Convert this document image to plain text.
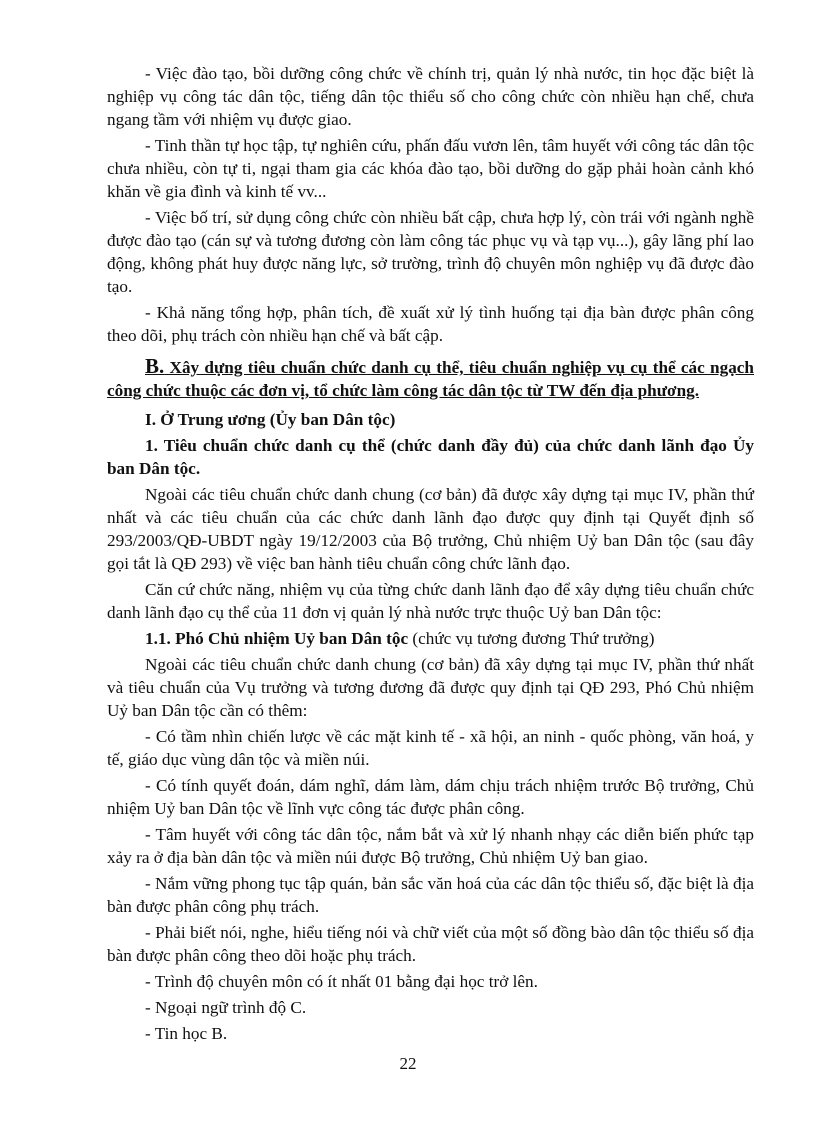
- Việc đào tạo, bồi dưỡng công chức về chính trị, quản lý nhà nước, tin học đặc biệt là nghiệp vụ công tác dân tộc, tiếng dân tộc thiểu số cho công chức còn nhiều hạn chế, chưa ngang tầm với nhiệm vụ được giao.

- Tinh thần tự học tập, tự nghiên cứu, phấn đấu vươn lên, tâm huyết với công tác dân tộc chưa nhiều, còn tự ti, ngại tham gia các khóa đào tạo, bồi dưỡng do gặp phải hoàn cảnh khó khăn về gia đình và kinh tế vv...

- Việc bố trí, sử dụng công chức còn nhiều bất cập, chưa hợp lý, còn trái với ngành nghề được đào tạo (cán sự và tương đương còn làm công tác phục vụ và tạp vụ...), gây lãng phí lao động, không phát huy được năng lực, sở trường, trình độ chuyên môn nghiệp vụ đã được đào tạo.

- Khả năng tổng hợp, phân tích, đề xuất xử lý tình huống tại địa bàn được phân công theo dõi, phụ trách còn nhiều hạn chế và bất cập.

B. Xây dựng tiêu chuẩn chức danh cụ thể, tiêu chuẩn nghiệp vụ cụ thể các ngạch công chức thuộc các đơn vị, tổ chức làm công tác dân tộc từ TW đến địa phương.

I. Ở Trung ương (Ủy ban Dân tộc)

1. Tiêu chuẩn chức danh cụ thể (chức danh đầy đủ) của chức danh lãnh đạo Ủy ban Dân tộc.

Ngoài các tiêu chuẩn chức danh chung (cơ bản) đã được xây dựng tại mục IV, phần thứ nhất và các tiêu chuẩn của các chức danh lãnh đạo được quy định tại Quyết định số 293/2003/QĐ-UBDT ngày 19/12/2003 của Bộ trưởng, Chủ nhiệm Uỷ ban Dân tộc (sau đây gọi tắt là QĐ 293) về việc ban hành tiêu chuẩn công chức lãnh đạo.

Căn cứ chức năng, nhiệm vụ của từng chức danh lãnh đạo để xây dựng tiêu chuẩn chức danh lãnh đạo cụ thể của 11 đơn vị quản lý nhà nước trực thuộc Uỷ ban Dân tộc:

1.1. Phó Chủ nhiệm Uỷ ban Dân tộc (chức vụ tương đương Thứ trưởng)

Ngoài các tiêu chuẩn chức danh chung (cơ bản) đã xây dựng tại mục IV, phần thứ nhất và tiêu chuẩn của Vụ trưởng và tương đương đã được quy định tại QĐ 293, Phó Chủ nhiệm Uỷ ban Dân tộc cần có thêm:

- Có tầm nhìn chiến lược về các mặt kinh tế - xã hội, an ninh - quốc phòng, văn hoá, y tế, giáo dục vùng dân tộc và miền núi.

- Có tính quyết đoán, dám nghĩ, dám làm, dám chịu trách nhiệm trước Bộ trưởng, Chủ nhiệm Uỷ ban Dân tộc về lĩnh vực công tác được phân công.

- Tâm huyết với công tác dân tộc, nắm bắt và xử lý nhanh nhạy các diễn biến phức tạp xảy ra ở địa bàn dân tộc và miền núi được Bộ trưởng, Chủ nhiệm Uỷ ban giao.

- Nắm vững phong tục tập quán, bản sắc văn hoá của các dân tộc thiểu số, đặc biệt là địa bàn được phân công phụ trách.

- Phải biết nói, nghe, hiểu tiếng nói và chữ viết của một số đồng bào dân tộc thiểu số địa bàn được phân công theo dõi hoặc phụ trách.

- Trình độ chuyên môn có ít nhất 01 bằng đại học trở lên.

- Ngoại ngữ trình độ C.

- Tin học B.

22
